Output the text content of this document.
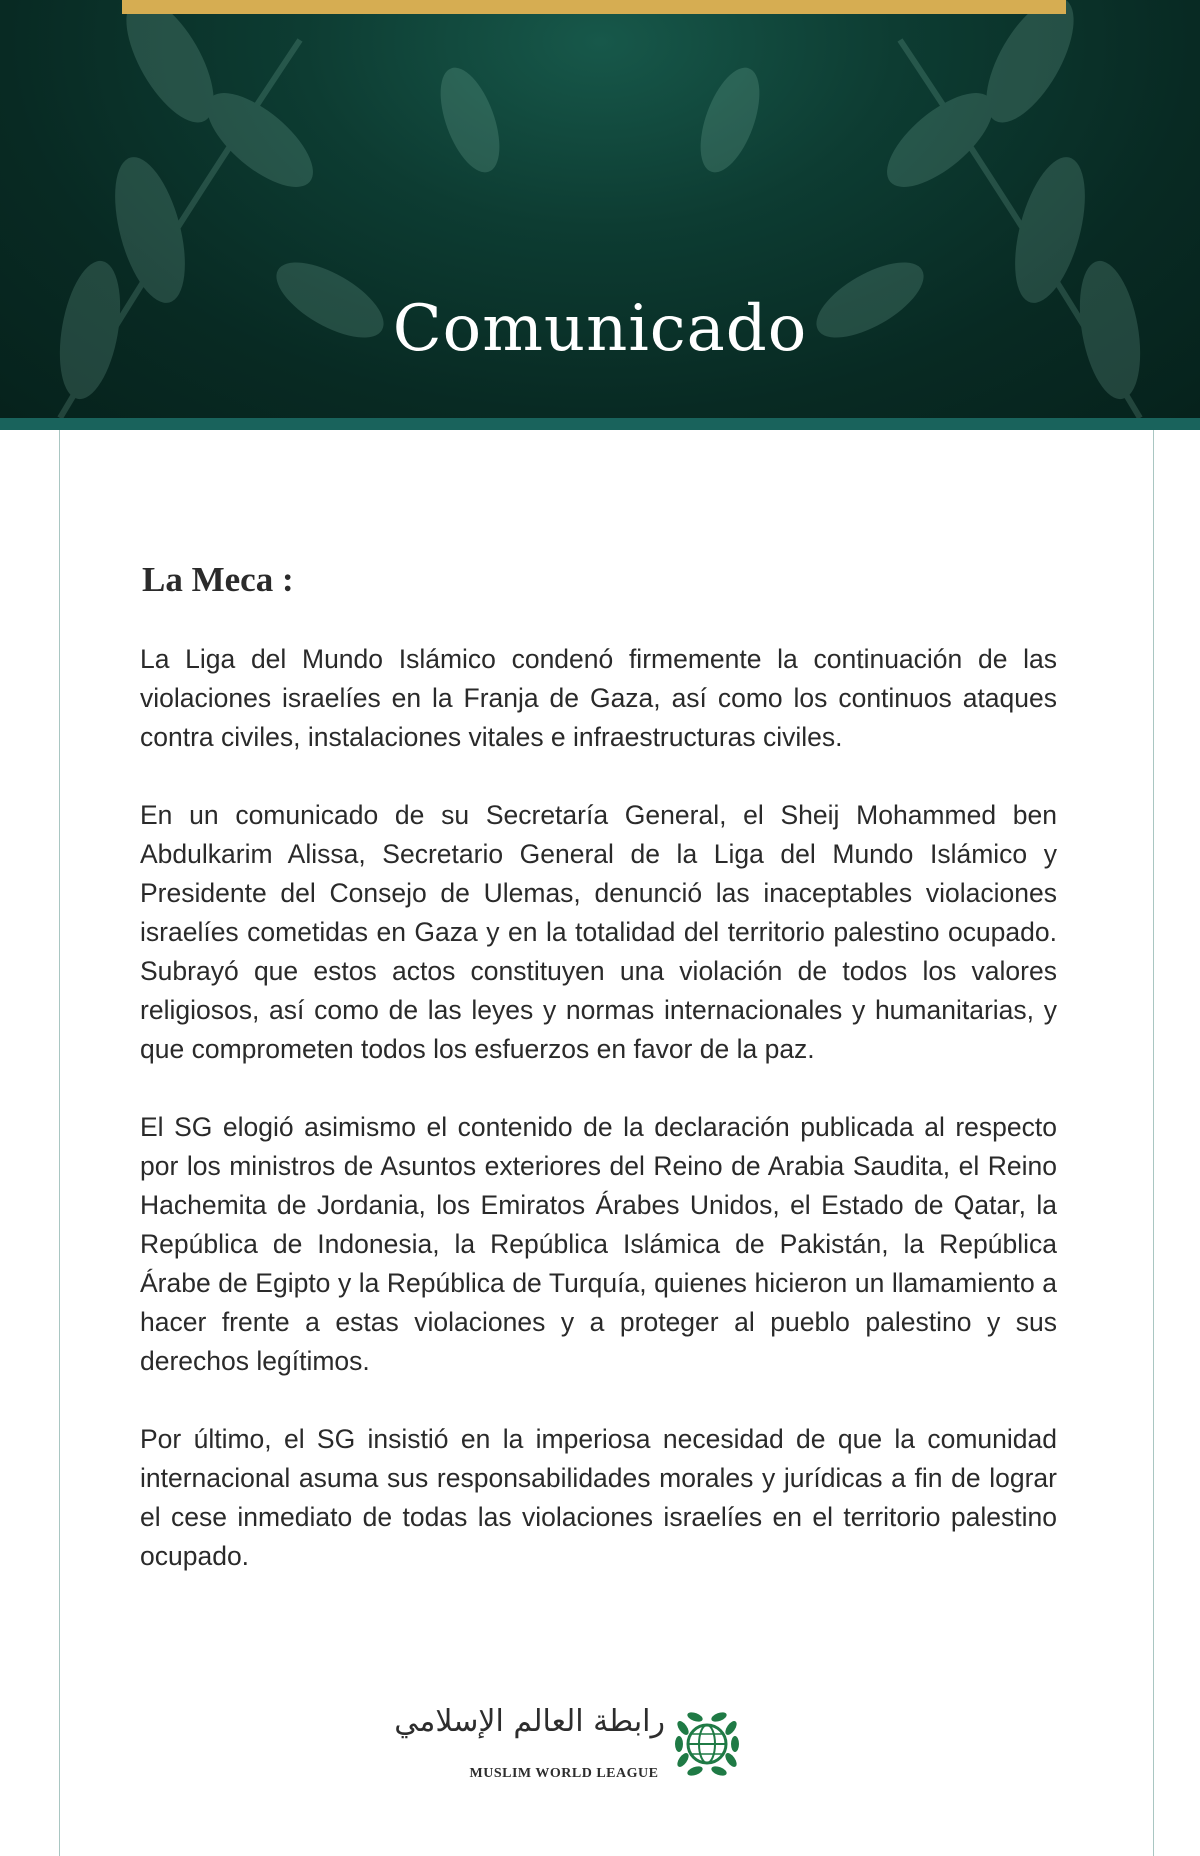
Comunicado
La Meca :

La Liga del Mundo Islámico condenó firmemente la continuación de las violaciones israelíes en la Franja de Gaza, así como los continuos ataques contra civiles, instalaciones vitales e infraestructuras civiles.

En un comunicado de su Secretaría General, el Sheij Mohammed ben Abdulkarim Alissa, Secretario General de la Liga del Mundo Islámico y Presidente del Consejo de Ulemas, denunció las inaceptables violaciones israelíes cometidas en Gaza y en la totalidad del territorio palestino ocupado. Subrayó que estos actos constituyen una violación de todos los valores religiosos, así como de las leyes y normas internacionales y humanitarias, y que comprometen todos los esfuerzos en favor de la paz.

El SG elogió asimismo el contenido de la declaración publicada al respecto por los ministros de Asuntos exteriores del Reino de Arabia Saudita, el Reino Hachemita de Jordania, los Emiratos Árabes Unidos, el Estado de Qatar, la República de Indonesia, la República Islámica de Pakistán, la República Árabe de Egipto y la República de Turquía, quienes hicieron un llamamiento a hacer frente a estas violaciones y a proteger al pueblo palestino y sus derechos legítimos.

Por último, el SG insistió en la imperiosa necesidad de que la comunidad internacional asuma sus responsabilidades morales y jurídicas a fin de lograr el cese inmediato de todas las violaciones israelíes en el territorio palestino ocupado.

رابطة العالم الإسلامي
MUSLIM WORLD LEAGUE
